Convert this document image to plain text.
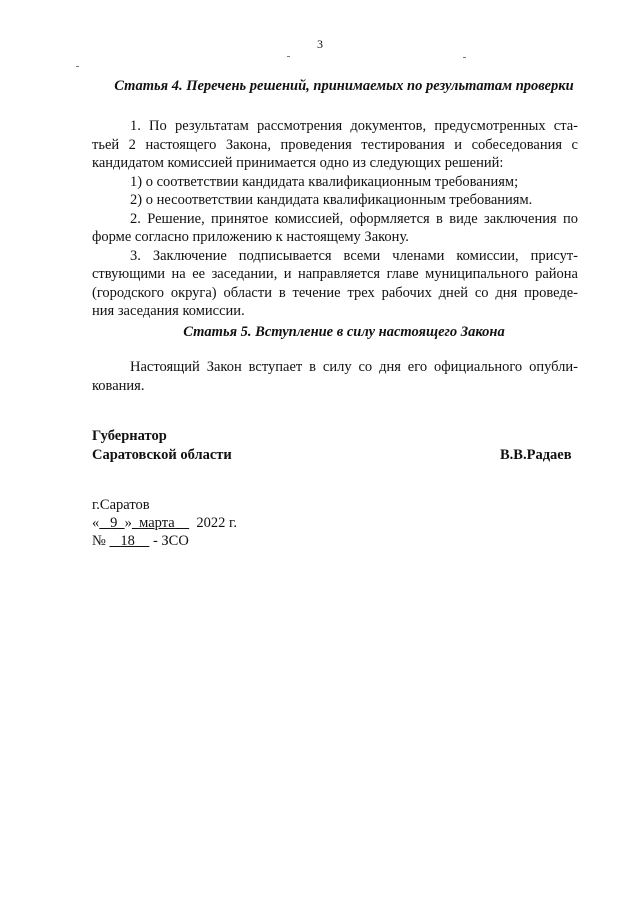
3
Статья 4. Перечень решений, принимаемых по результатам проверки
1. По результатам рассмотрения документов, предусмотренных ста-
тьей 2 настоящего Закона, проведения тестирования и собеседования с
кандидатом комиссией принимается одно из следующих решений:
1) о соответствии кандидата квалификационным требованиям;
2) о несоответствии кандидата квалификационным требованиям.
2. Решение, принятое комиссией, оформляется в виде заключения по
форме согласно приложению к настоящему Закону.
3. Заключение подписывается всеми членами комиссии, присут-
ствующими на ее заседании, и направляется главе муниципального района
(городского округа) области в течение трех рабочих дней со дня проведе-
ния заседания комиссии.
Статья 5. Вступление в силу настоящего Закона
Настоящий Закон вступает в силу со дня его официального опубли-
кования.
Губернатор
Саратовской области	В.В.Радаев
г.Саратов
« 9 » марта 2022 г.
№ 18 - ЗСО
